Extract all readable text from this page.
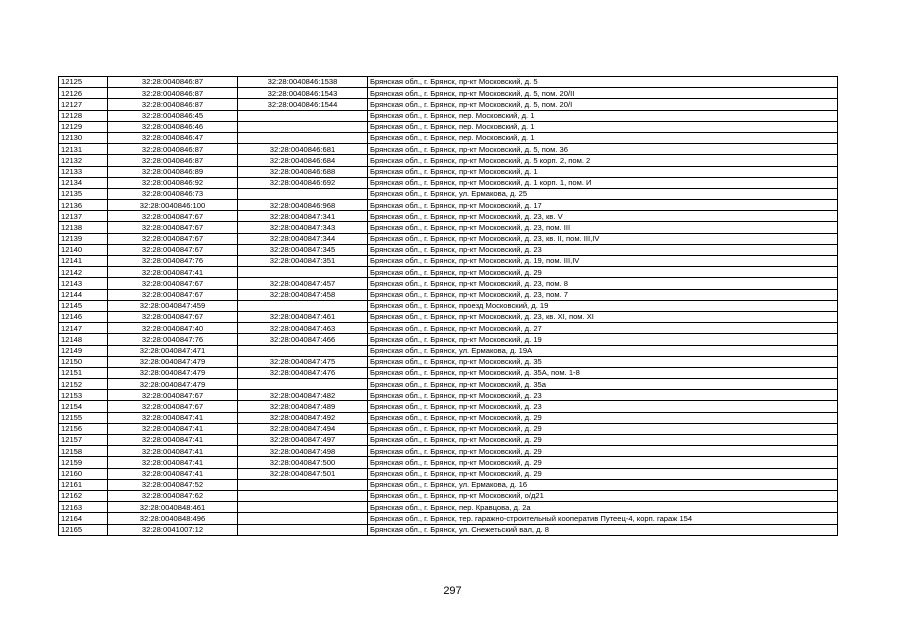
12125	32:28:0040846:87	32:28:0040846:1538	Брянская обл., г. Брянск, пр-кт Московский, д. 5
12126	32:28:0040846:87	32:28:0040846:1543	Брянская обл., г. Брянск, пр-кт Московский, д. 5, пом. 20/II
12127	32:28:0040846:87	32:28:0040846:1544	Брянская обл., г. Брянск, пр-кт Московский, д. 5, пом. 20/I
12128	32:28:0040846:45		Брянская обл., г. Брянск, пер. Московский, д. 1
12129	32:28:0040846:46		Брянская обл., г. Брянск, пер. Московский, д. 1
12130	32:28:0040846:47		Брянская обл., г. Брянск, пер. Московский, д. 1
12131	32:28:0040846:87	32:28:0040846:681	Брянская обл., г. Брянск, пр-кт Московский, д. 5, пом. 36
12132	32:28:0040846:87	32:28:0040846:684	Брянская обл., г. Брянск, пр-кт Московский, д. 5 корп. 2, пом. 2
12133	32:28:0040846:89	32:28:0040846:688	Брянская обл., г. Брянск, пр-кт Московский, д. 1
12134	32:28:0040846:92	32:28:0040846:692	Брянская обл., г. Брянск, пр-кт Московский, д. 1 корп. 1, пом. И
12135	32:28:0040846:73		Брянская обл., г. Брянск, ул. Ермакова, д. 25
12136	32:28:0040846:100	32:28:0040846:968	Брянская обл., г. Брянск, пр-кт Московский, д. 17
12137	32:28:0040847:67	32:28:0040847:341	Брянская обл., г. Брянск, пр-кт Московский, д. 23, кв. V
12138	32:28:0040847:67	32:28:0040847:343	Брянская обл., г. Брянск, пр-кт Московский, д. 23, пом. III
12139	32:28:0040847:67	32:28:0040847:344	Брянская обл., г. Брянск, пр-кт Московский, д. 23, кв. II, пом. III,IV
12140	32:28:0040847:67	32:28:0040847:345	Брянская обл., г. Брянск, пр-кт Московский, д. 23
12141	32:28:0040847:76	32:28:0040847:351	Брянская обл., г. Брянск, пр-кт Московский, д. 19, пом. III,IV
12142	32:28:0040847:41		Брянская обл., г. Брянск, пр-кт Московский, д. 29
12143	32:28:0040847:67	32:28:0040847:457	Брянская обл., г. Брянск, пр-кт Московский, д. 23, пом. 8
12144	32:28:0040847:67	32:28:0040847:458	Брянская обл., г. Брянск, пр-кт Московский, д. 23, пом. 7
12145	32:28:0040847:459		Брянская обл., г. Брянск, проезд Московский, д. 19
12146	32:28:0040847:67	32:28:0040847:461	Брянская обл., г. Брянск, пр-кт Московский, д. 23, кв. XI, пом. XI
12147	32:28:0040847:40	32:28:0040847:463	Брянская обл., г. Брянск, пр-кт Московский, д. 27
12148	32:28:0040847:76	32:28:0040847:466	Брянская обл., г. Брянск, пр-кт Московский, д. 19
12149	32:28:0040847:471		Брянская обл., г. Брянск, ул. Ермакова, д. 19А
12150	32:28:0040847:479	32:28:0040847:475	Брянская обл., г. Брянск, пр-кт Московский, д. 35
12151	32:28:0040847:479	32:28:0040847:476	Брянская обл., г. Брянск, пр-кт Московский, д. 35А, пом. 1-8
12152	32:28:0040847:479		Брянская обл., г. Брянск, пр-кт Московский, д. 35а
12153	32:28:0040847:67	32:28:0040847:482	Брянская обл., г. Брянск, пр-кт Московский, д. 23
12154	32:28:0040847:67	32:28:0040847:489	Брянская обл., г. Брянск, пр-кт Московский, д. 23
12155	32:28:0040847:41	32:28:0040847:492	Брянская обл., г. Брянск, пр-кт Московский, д. 29
12156	32:28:0040847:41	32:28:0040847:494	Брянская обл., г. Брянск, пр-кт Московский, д. 29
12157	32:28:0040847:41	32:28:0040847:497	Брянская обл., г. Брянск, пр-кт Московский, д. 29
12158	32:28:0040847:41	32:28:0040847:498	Брянская обл., г. Брянск, пр-кт Московский, д. 29
12159	32:28:0040847:41	32:28:0040847:500	Брянская обл., г. Брянск, пр-кт Московский, д. 29
12160	32:28:0040847:41	32:28:0040847:501	Брянская обл., г. Брянск, пр-кт Московский, д. 29
12161	32:28:0040847:52		Брянская обл., г. Брянск, ул. Ермакова, д. 16
12162	32:28:0040847:62		Брянская обл., г. Брянск, пр-кт Московский, о/д21
12163	32:28:0040848:461		Брянская обл., г. Брянск, пер. Кравцова, д. 2а
12164	32:28:0040848:496		Брянская обл., г. Брянск, тер. гаражно-строительный кооператив Путеец-4, корп. гараж 154
12165	32:28:0041007:12		Брянская обл., г. Брянск, ул. Снежетьский вал, д. 8
297
